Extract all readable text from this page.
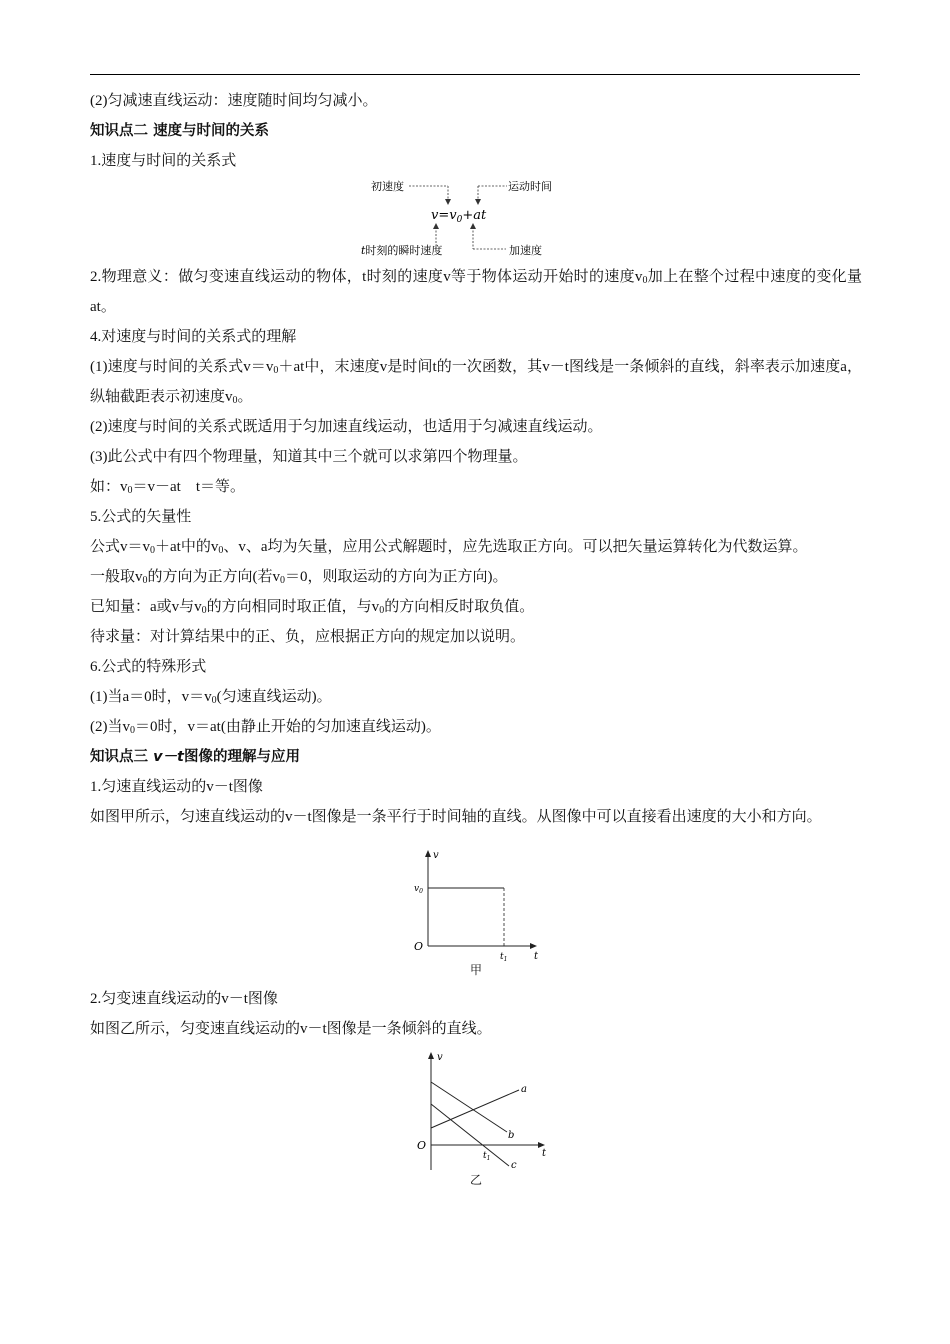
(2)匀减速直线运动：速度随时间均匀减小。
知识点二 速度与时间的关系
1.速度与时间的关系式
初速度	运动时间
$v=v_0+at$
t时刻的瞬时速度	加速度
2.物理意义：做匀变速直线运动的物体，t时刻的速度v等于物体运动开始时的速度$v_0$加上在整个过程中速度的变化量at。
4.对速度与时间的关系式的理解
(1)速度与时间的关系式$v=v_0+at$中，末速度v是时间t的一次函数，其v－t图线是一条倾斜的直线，斜率表示加速度a，纵轴截距表示初速度$v_0$。
(2)速度与时间的关系式既适用于匀加速直线运动，也适用于匀减速直线运动。
(3)此公式中有四个物理量，知道其中三个就可以求第四个物理量。
如：$v_0=v-at$　t＝等。
5.公式的矢量性
公式$v=v_0+at$中的$v_0$、v、a均为矢量，应用公式解题时，应先选取正方向。可以把矢量运算转化为代数运算。
一般取$v_0$的方向为正方向(若$v_0=0$，则取运动的方向为正方向)。
已知量：a或v与$v_0$的方向相同时取正值，与$v_0$的方向相反时取负值。
待求量：对计算结果中的正、负，应根据正方向的规定加以说明。
6.公式的特殊形式
(1)当a＝0时，$v=v_0$(匀速直线运动)。
(2)当$v_0=0$时，v＝at(由静止开始的匀加速直线运动)。
知识点三 v－t图像的理解与应用
1.匀速直线运动的v－t图像
如图甲所示，匀速直线运动的v－t图像是一条平行于时间轴的直线。从图像中可以直接看出速度的大小和方向。
v
t
O
$v_0$
$t_1$
甲
2.匀变速直线运动的v－t图像
如图乙所示，匀变速直线运动的v－t图像是一条倾斜的直线。
v
t
O
a
b
c
$t_1$
乙
